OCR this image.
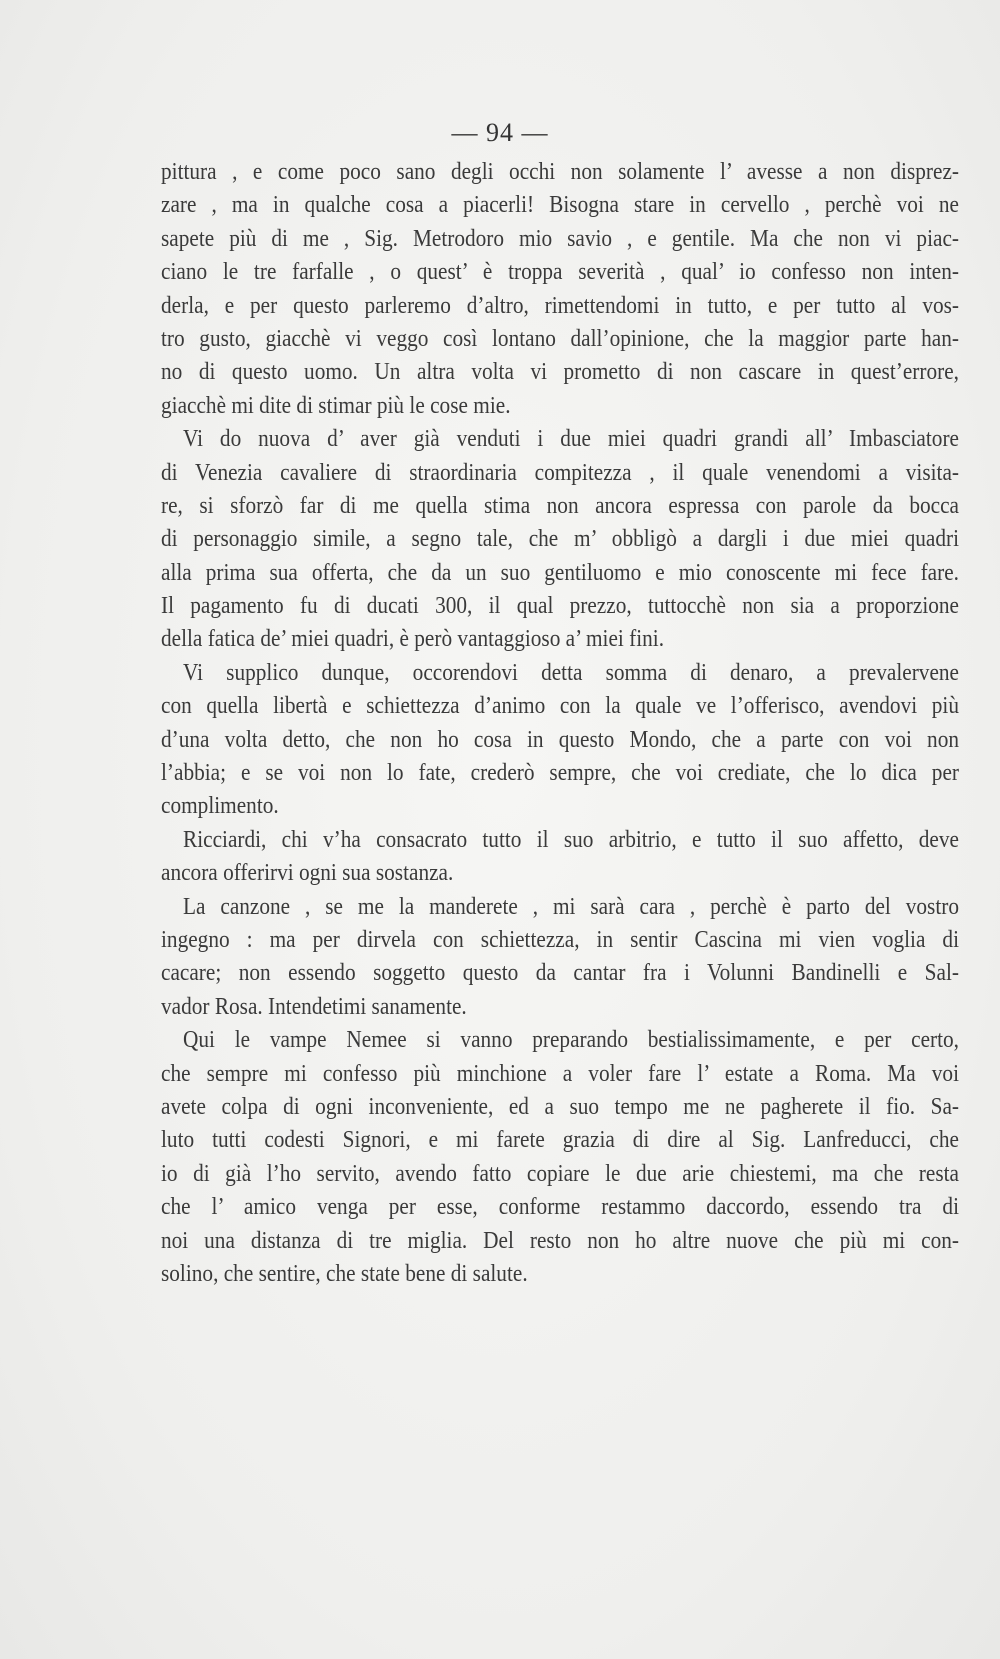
— 94 —
pittura , e come poco sano degli occhi non solamente l’ avesse a non disprez-
zare , ma in qualche cosa a piacerli! Bisogna stare in cervello , perchè voi ne
sapete più di me , Sig. Metrodoro mio savio , e gentile. Ma che non vi piac-
ciano le tre farfalle , o quest’ è troppa severità , qual’ io confesso non inten-
derla, e per questo parleremo d’altro, rimettendomi in tutto, e per tutto al vos-
tro gusto, giacchè vi veggo così lontano dall’opinione, che la maggior parte han-
no di questo uomo. Un altra volta vi prometto di non cascare in quest’errore,
giacchè mi dite di stimar più le cose mie.
Vi do nuova d’ aver già venduti i due miei quadri grandi all’ Imbasciatore
di Venezia cavaliere di straordinaria compitezza , il quale venendomi a visita-
re, si sforzò far di me quella stima non ancora espressa con parole da bocca
di personaggio simile, a segno tale, che m’ obbligò a dargli i due miei quadri
alla prima sua offerta, che da un suo gentiluomo e mio conoscente mi fece fare.
Il pagamento fu di ducati 300, il qual prezzo, tuttocchè non sia a proporzione
della fatica de’ miei quadri, è però vantaggioso a’ miei fini.
Vi supplico dunque, occorendovi detta somma di denaro, a prevalervene
con quella libertà e schiettezza d’animo con la quale ve l’offerisco, avendovi più
d’una volta detto, che non ho cosa in questo Mondo, che a parte con voi non
l’abbia; e se voi non lo fate, crederò sempre, che voi crediate, che lo dica per
complimento.
Ricciardi, chi v’ha consacrato tutto il suo arbitrio, e tutto il suo affetto, deve
ancora offerirvi ogni sua sostanza.
La canzone , se me la manderete , mi sarà cara , perchè è parto del vostro
ingegno : ma per dirvela con schiettezza, in sentir Cascina mi vien voglia di
cacare; non essendo soggetto questo da cantar fra i Volunni Bandinelli e Sal-
vador Rosa. Intendetimi sanamente.
Qui le vampe Nemee si vanno preparando bestialissimamente, e per certo,
che sempre mi confesso più minchione a voler fare l’ estate a Roma. Ma voi
avete colpa di ogni inconveniente, ed a suo tempo me ne pagherete il fio. Sa-
luto tutti codesti Signori, e mi farete grazia di dire al Sig. Lanfreducci, che
io di già l’ho servito, avendo fatto copiare le due arie chiestemi, ma che resta
che l’ amico venga per esse, conforme restammo daccordo, essendo tra di
noi una distanza di tre miglia. Del resto non ho altre nuove che più mi con-
solino, che sentire, che state bene di salute.
